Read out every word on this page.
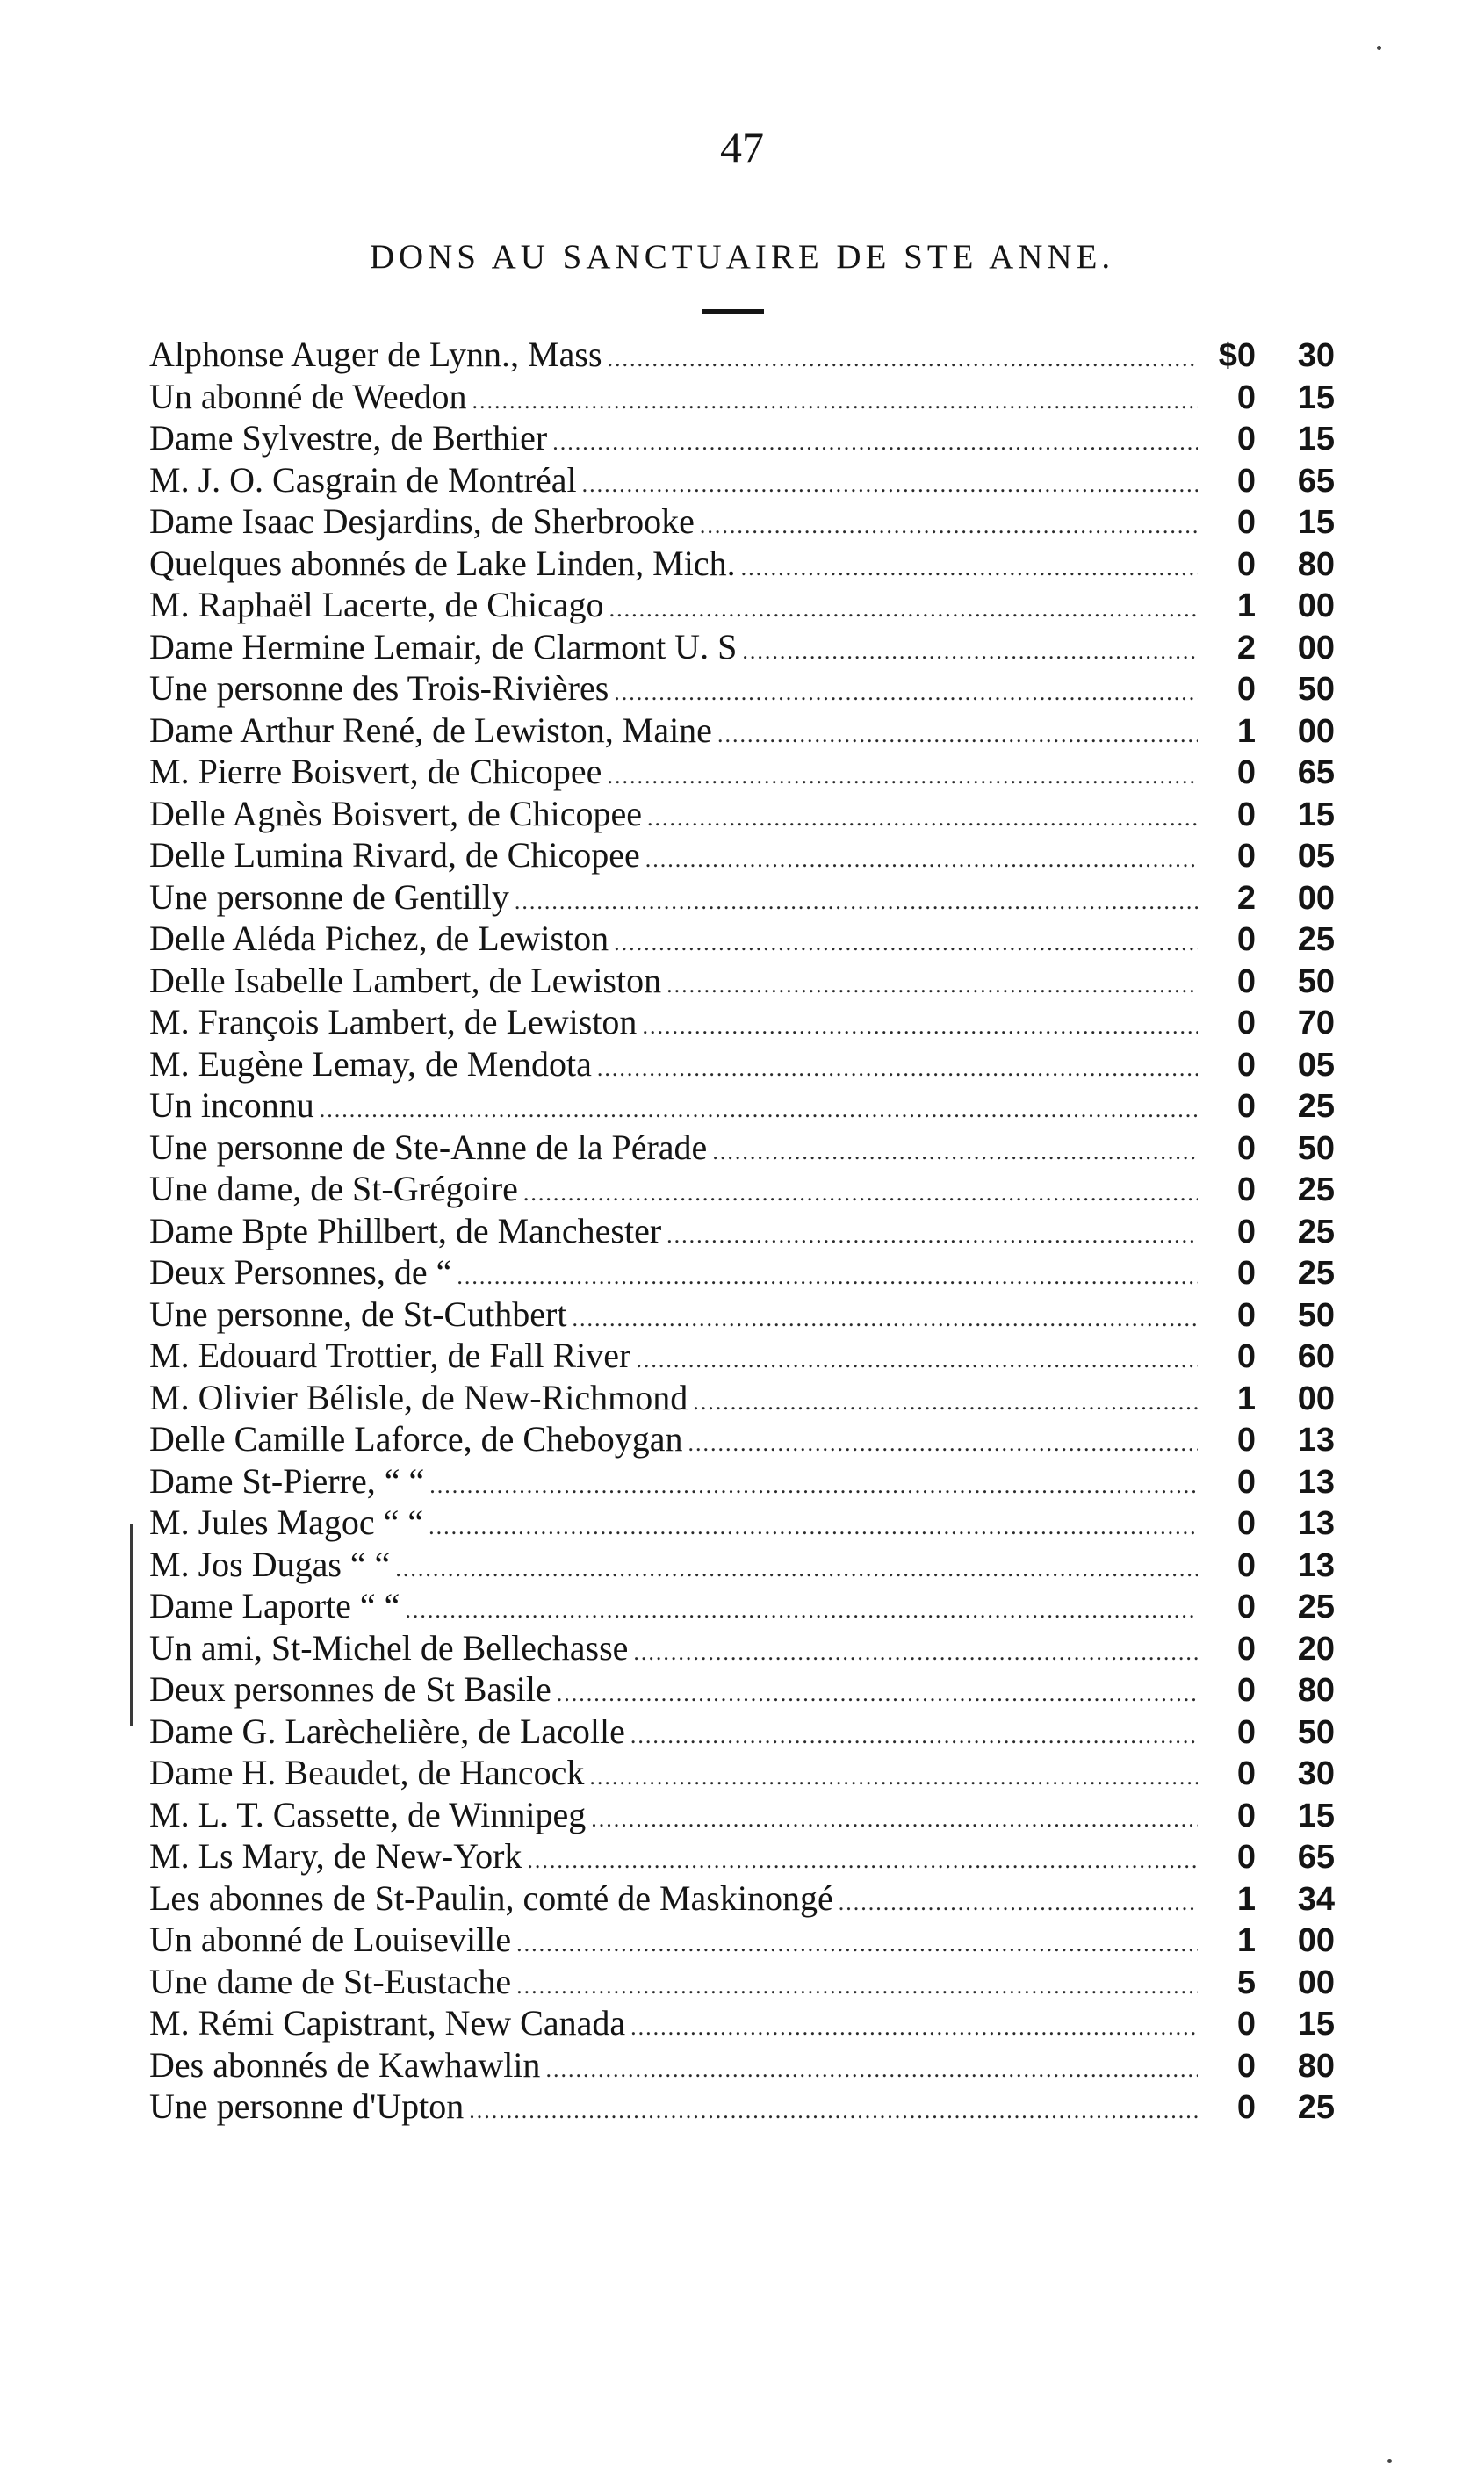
47
DONS AU SANCTUAIRE DE STE ANNE.
Alphonse Auger de Lynn., Mass .....	$0	30
Un abonné de Weedon .....	0	15
Dame Sylvestre, de Berthier .....	0	15
M. J. O. Casgrain de Montréal .....	0	65
Dame Isaac Desjardins, de Sherbrooke .....	0	15
Quelques abonnés de Lake Linden, Mich. .....	0	80
M. Raphaël Lacerte, de Chicago .....	1	00
Dame Hermine Lemair, de Clarmont U. S .....	2	00
Une personne des Trois-Rivières .....	0	50
Dame Arthur René, de Lewiston, Maine .....	1	00
M. Pierre Boisvert, de Chicopee .....	0	65
Delle Agnès Boisvert, de Chicopee .....	0	15
Delle Lumina Rivard, de Chicopee .....	0	05
Une personne de Gentilly .....	2	00
Delle Aléda Pichez, de Lewiston .....	0	25
Delle Isabelle Lambert, de Lewiston .....	0	50
M. François Lambert, de Lewiston .....	0	70
M. Eugène Lemay, de Mendota .....	0	05
Un inconnu .....	0	25
Une personne de Ste-Anne de la Pérade .....	0	50
Une dame, de St-Grégoire .....	0	25
Dame Bpte Phillbert, de Manchester .....	0	25
Deux Personnes, de “ .....	0	25
Une personne, de St-Cuthbert .....	0	50
M. Edouard Trottier, de Fall River .....	0	60
M. Olivier Bélisle, de New-Richmond .....	1	00
Delle Camille Laforce, de Cheboygan .....	0	13
Dame St-Pierre, “ “ .....	0	13
M. Jules Magoc “ “ .....	0	13
M. Jos Dugas “ “ .....	0	13
Dame Laporte “ “ .....	0	25
Un ami, St-Michel de Bellechasse .....	0	20
Deux personnes de St Basile .....	0	80
Dame G. Larèchelière, de Lacolle .....	0	50
Dame H. Beaudet, de Hancock .....	0	30
M. L. T. Cassette, de Winnipeg .....	0	15
M. Ls Mary, de New-York .....	0	65
Les abonnes de St-Paulin, comté de Maskinongé .....	1	34
Un abonné de Louiseville .....	1	00
Une dame de St-Eustache .....	5	00
M. Rémi Capistrant, New Canada .....	0	15
Des abonnés de Kawhawlin .....	0	80
Une personne d'Upton .....	0	25
